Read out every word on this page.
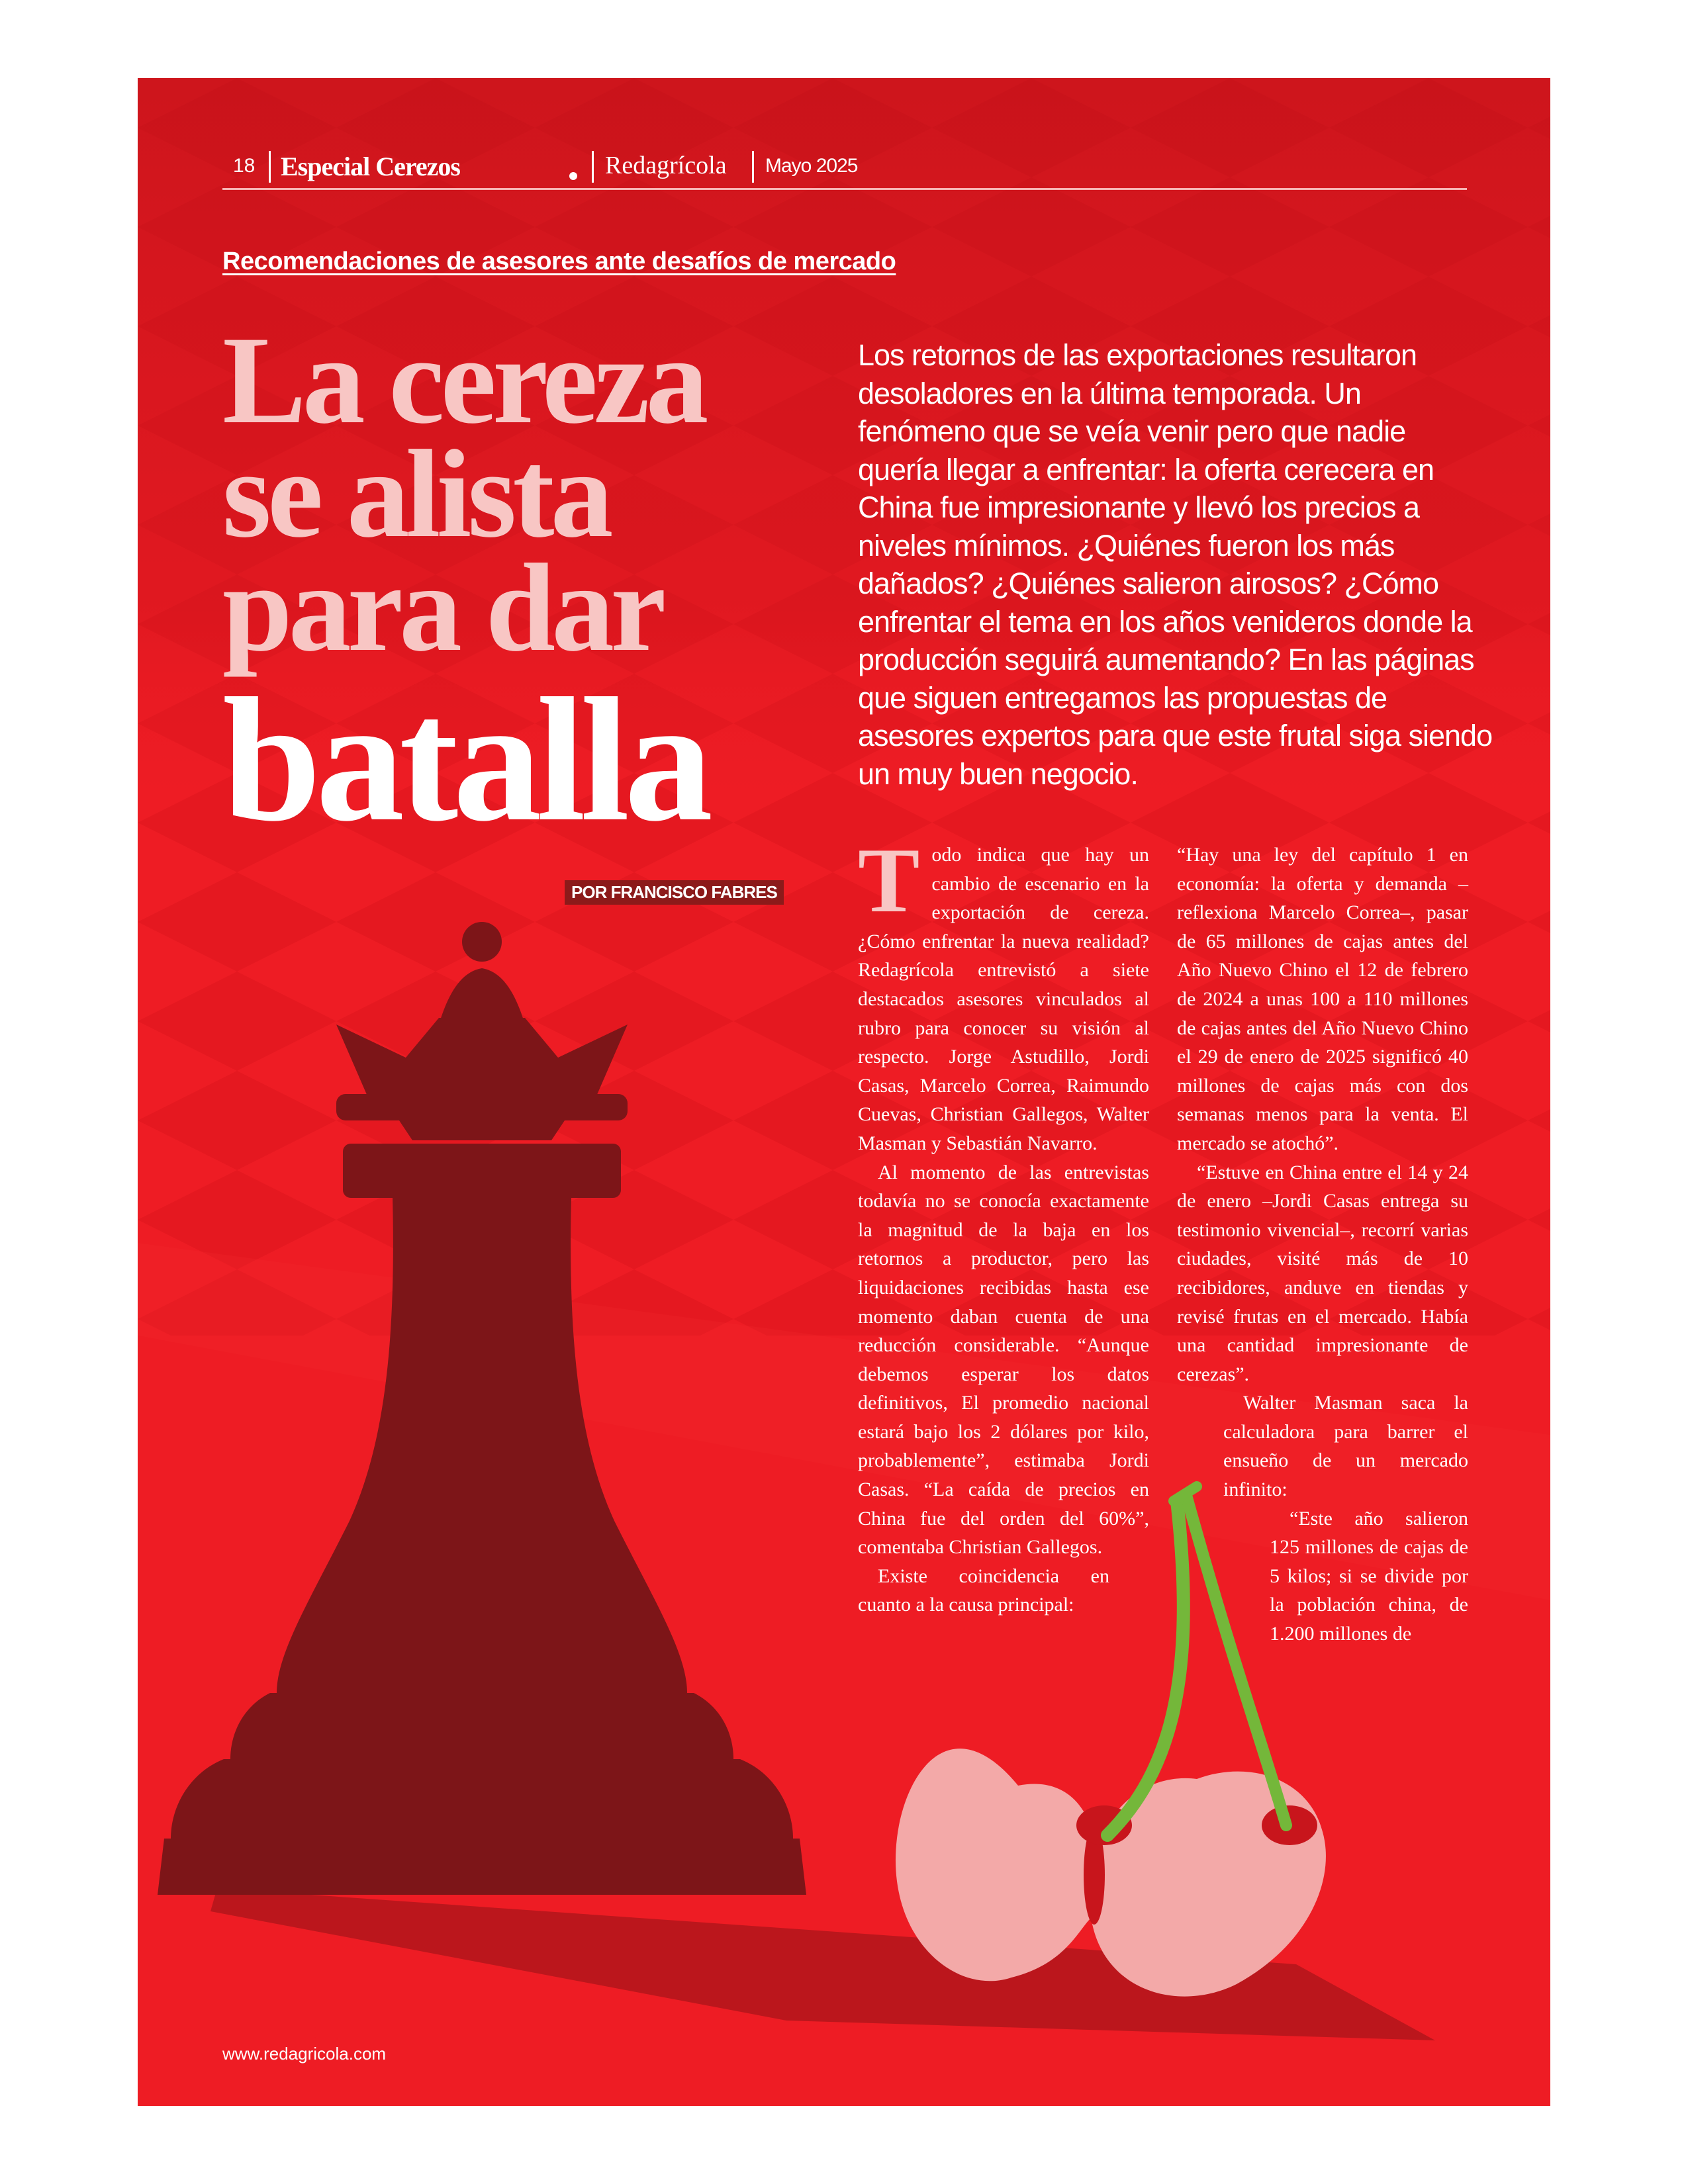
18 Especial Cerezos	Redagrícola Mayo 2025
Recomendaciones de asesores ante desafíos de mercado
La cereza
se alista
para dar
batalla
POR FRANCISCO FABRES
Los retornos de las exportaciones resultaron desoladores en la última temporada. Un fenómeno que se veía venir pero que nadie quería llegar a enfrentar: la oferta cerecera en China fue impresionante y llevó los precios a niveles mínimos. ¿Quiénes fueron los más dañados? ¿Quiénes salieron airosos? ¿Cómo enfrentar el tema en los años venideros donde la producción seguirá aumentando? En las páginas que siguen entregamos las propuestas de asesores expertos para que este frutal siga siendo un muy buen negocio.
T odo indica que hay un cambio de escenario en la exportación de cereza. ¿Cómo enfrentar la nueva realidad? Redagrícola entrevistó a siete destacados asesores vinculados al rubro para conocer su visión al respecto. Jorge Astudillo, Jordi Casas, Marcelo Correa, Raimundo Cuevas, Christian Gallegos, Walter Masman y Sebastián Navarro.

Al momento de las entrevistas todavía no se conocía exactamente la magnitud de la baja en los retornos a productor, pero las liquidaciones recibidas hasta ese momento daban cuenta de una reducción considerable. “Aunque debemos esperar los datos definitivos, El promedio nacional estará bajo los 2 dólares por kilo, probablemente”, estimaba Jordi Casas. “La caída de precios en China fue del orden del 60%”, comentaba Christian Gallegos.

Existe coincidencia en cuanto a la causa principal:

“Hay una ley del capítulo 1 en economía: la oferta y demanda –reflexiona Marcelo Correa–, pasar de 65 millones de cajas antes del Año Nuevo Chino el 12 de febrero de 2024 a unas 100 a 110 millones de cajas antes del Año Nuevo Chino el 29 de enero de 2025 significó 40 millones de cajas más con dos semanas menos para la venta. El mercado se atochó”.

“Estuve en China entre el 14 y 24 de enero –Jordi Casas entrega su testimonio vivencial–, recorrí varias ciudades, visité más de 10 recibidores, anduve en tiendas y revisé frutas en el mercado. Había una cantidad impresionante de cerezas”.

Walter Masman saca la calculadora para barrer el ensueño de un mercado infinito:

“Este año salieron 125 millones de cajas de 5 kilos; si se divide por la población china, de 1.200 millones de

www.redagricola.com
